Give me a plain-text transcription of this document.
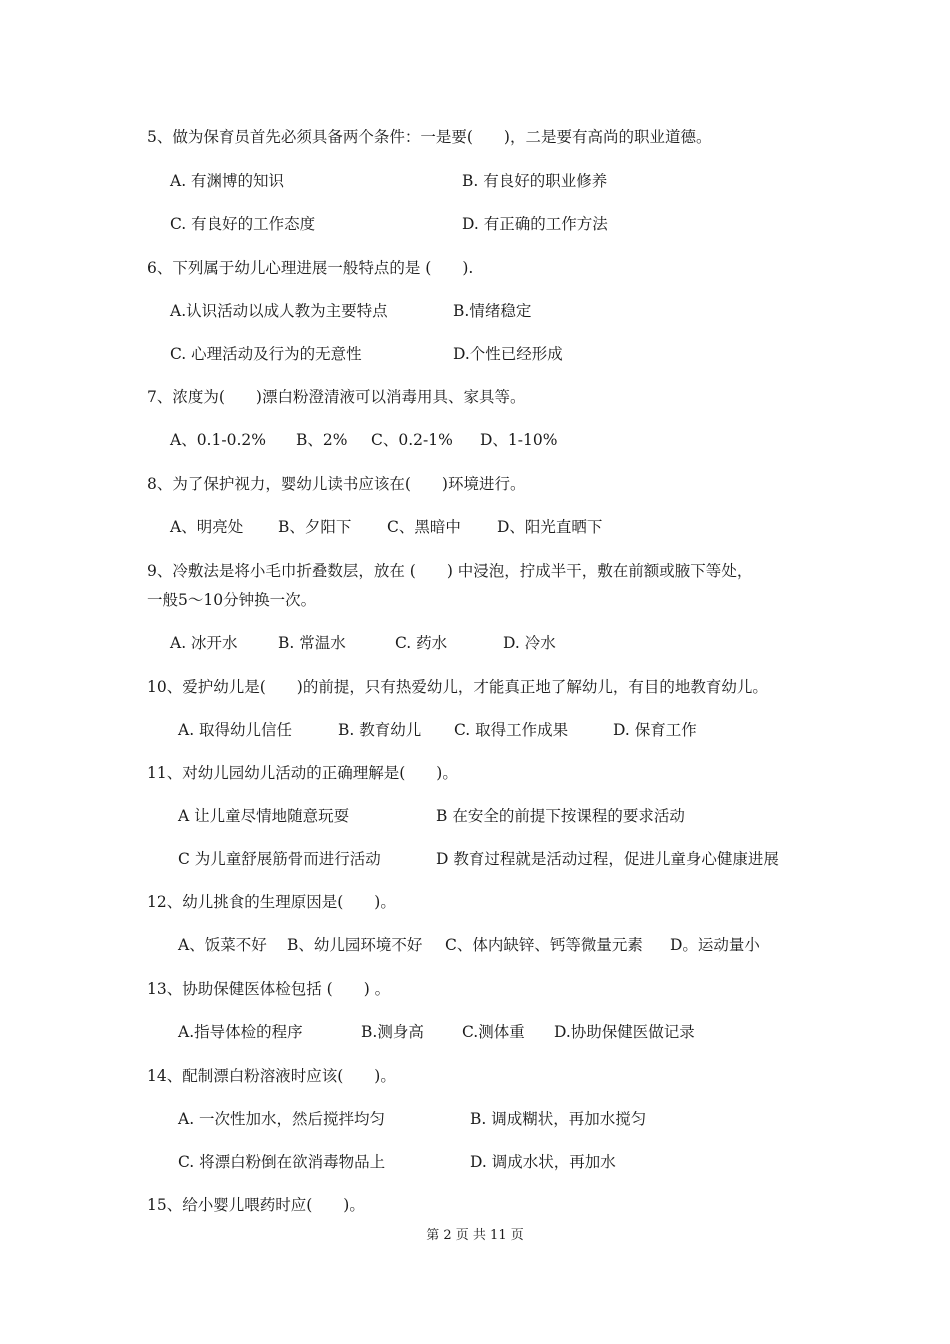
5、做为保育员首先必须具备两个条件：一是要(　　)，二是要有高尚的职业道德。
A. 有渊博的知识	B. 有良好的职业修养
C. 有良好的工作态度	D. 有正确的工作方法
6、下列属于幼儿心理进展一般特点的是 (　　).
A.认识活动以成人教为主要特点	B.情绪稳定
C. 心理活动及行为的无意性	D.个性已经形成
7、浓度为(　　)漂白粉澄清液可以消毒用具、家具等。
A、0.1-0.2% B、2% C、0.2-1% D、1-10%
8、为了保护视力，婴幼儿读书应该在(　　)环境进行。
A、明亮处 B、夕阳下 C、黑暗中 D、阳光直晒下
9、冷敷法是将小毛巾折叠数层，放在 (　　) 中浸泡，拧成半干，敷在前额或腋下等处，
一般5～10分钟换一次。
A. 冰开水	B. 常温水	C. 药水	D. 冷水
10、爱护幼儿是(　　)的前提，只有热爱幼儿，才能真正地了解幼儿，有目的地教育幼儿。
A. 取得幼儿信任	B. 教育幼儿 C. 取得工作成果	D. 保育工作
11、对幼儿园幼儿活动的正确理解是(　　)。
A 让儿童尽情地随意玩耍	B 在安全的前提下按课程的要求活动
C 为儿童舒展筋骨而进行活动	D 教育过程就是活动过程，促进儿童身心健康进展
12、幼儿挑食的生理原因是(　　)。
A、饭菜不好 B、幼儿园环境不好 C、体内缺锌、钙等微量元素 D。运动量小
13、协助保健医体检包括 (　　) 。
A.指导体检的程序	B.测身高 C.测体重 D.协助保健医做记录
14、配制漂白粉溶液时应该(　　)。
A. 一次性加水，然后搅拌均匀	B. 调成糊状，再加水搅匀
C. 将漂白粉倒在欲消毒物品上	D. 调成水状，再加水
15、给小婴儿喂药时应(　　)。
第 2 页 共 11 页
